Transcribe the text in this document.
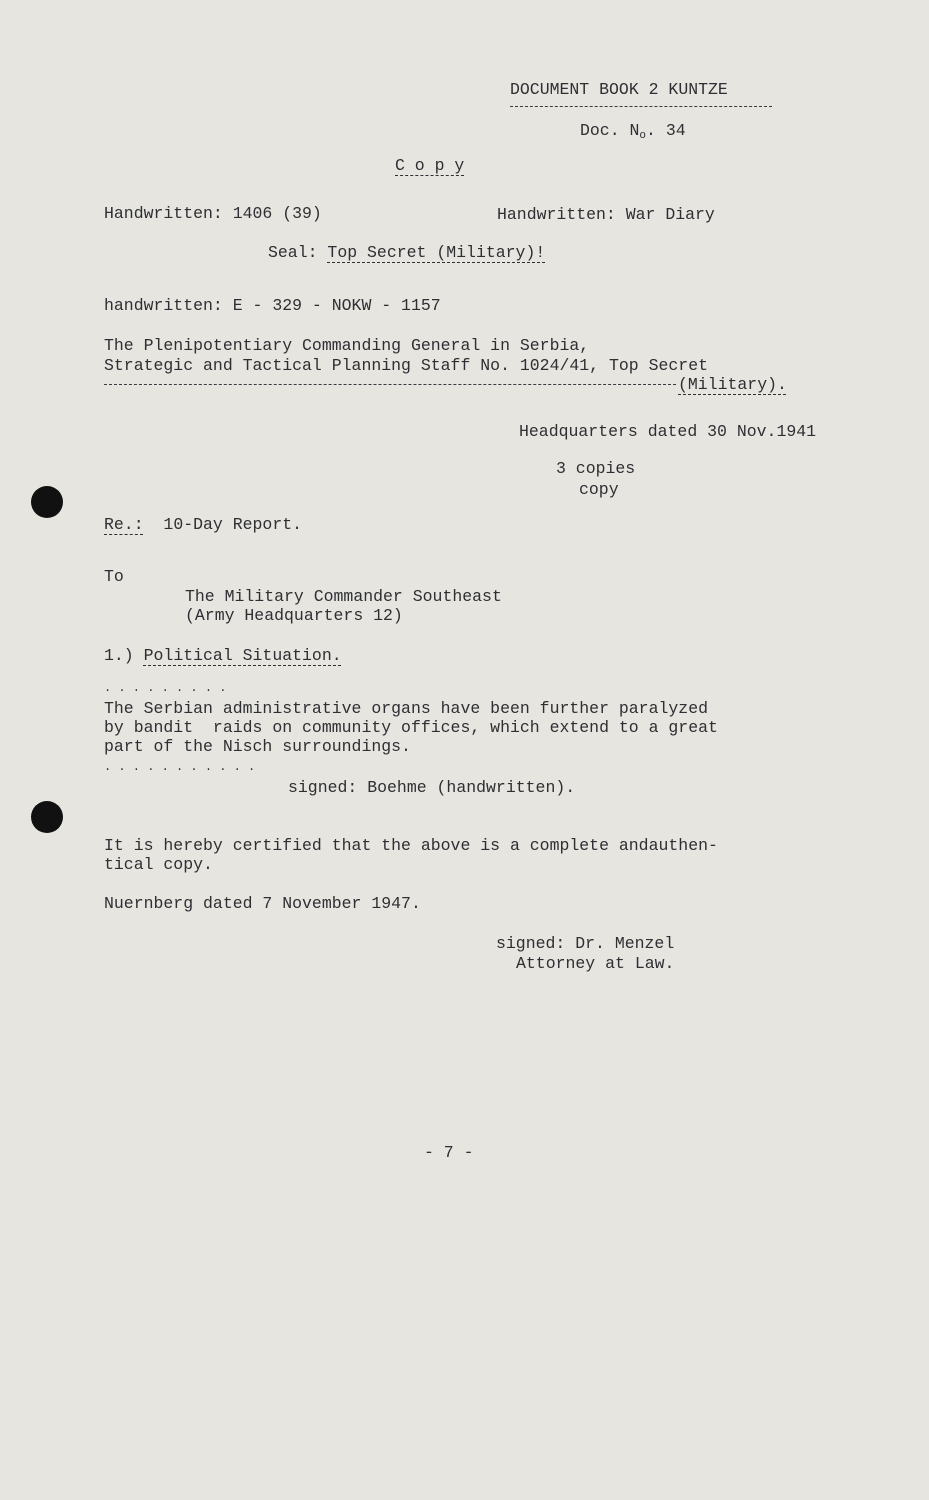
DOCUMENT BOOK 2 KUNTZE
Doc. $N_o$. 34
C o p y
Handwritten: 1406 (39)	Handwritten: War Diary
Seal: Top Secret (Military)!
handwritten: E - 329 - NOKW - 1157
The Plenipotentiary Commanding General in Serbia,
Strategic and Tactical Planning Staff No. 1024/41, Top Secret
(Military).
Headquarters dated 30 Nov.1941
3 copies
copy
Re.:  10-Day Report.
To
The Military Commander Southeast
(Army Headquarters 12)
1.) Political Situation.
. . . . . . . . .
The Serbian administrative organs have been further paralyzed
by bandit  raids on community offices, which extend to a great
part of the Nisch surroundings.
. . . . . . . . . . .
signed: Boehme (handwritten).
It is hereby certified that the above is a complete andauthen-
tical copy.
Nuernberg dated 7 November 1947.
signed: Dr. Menzel
Attorney at Law.
- 7 -
